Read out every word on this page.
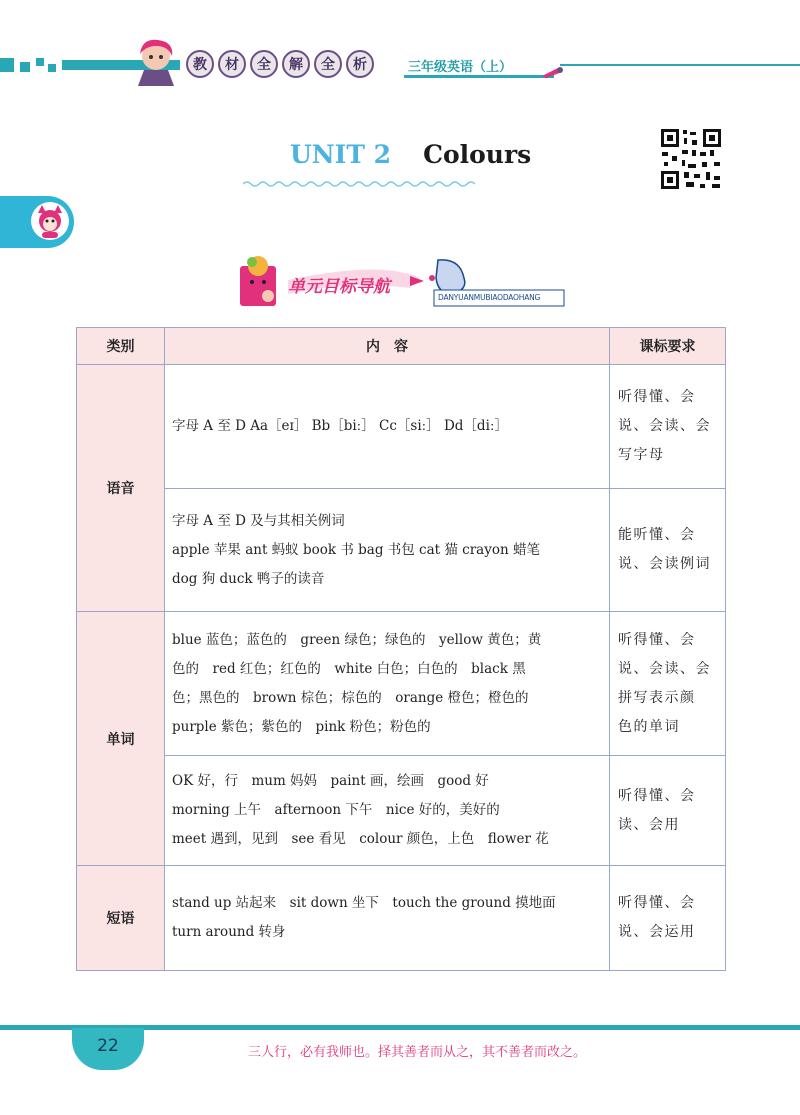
教	材	全	解	全	析	三年级英语（上）
UNIT 2 Colours
单元目标导航
DANYUANMUBIAODAOHANG
类别	内　容	课标要求
语音	字母 A 至 D Aa［eɪ］ Bb［biː］ Cc［siː］ Dd［diː］	听得懂、会
说、会读、会
写字母

	字母 A 至 D 及与其相关例词
apple 苹果 ant 蚂蚁 book 书 bag 书包 cat 猫 crayon 蜡笔
dog 狗 duck 鸭子的读音	能听懂、会
说、会读例词

单词	blue 蓝色；蓝色的　green 绿色；绿色的　yellow 黄色；黄
色的　red 红色；红色的　white 白色；白色的　black 黑
色；黑色的　brown 棕色；棕色的　orange 橙色；橙色的
purple 紫色；紫色的　pink 粉色；粉色的	听得懂、会
说、会读、会
拼写表示颜
色的单词

	OK 好，行　mum 妈妈　paint 画，绘画　good 好
morning 上午　afternoon 下午　nice 好的，美好的
meet 遇到，见到　see 看见　colour 颜色，上色　flower 花	听得懂、会
读、会用

短语	stand up 站起来　sit down 坐下　touch the ground 摸地面
turn around 转身	听得懂、会
说、会运用
22	三人行，必有我师也。择其善者而从之，其不善者而改之。
